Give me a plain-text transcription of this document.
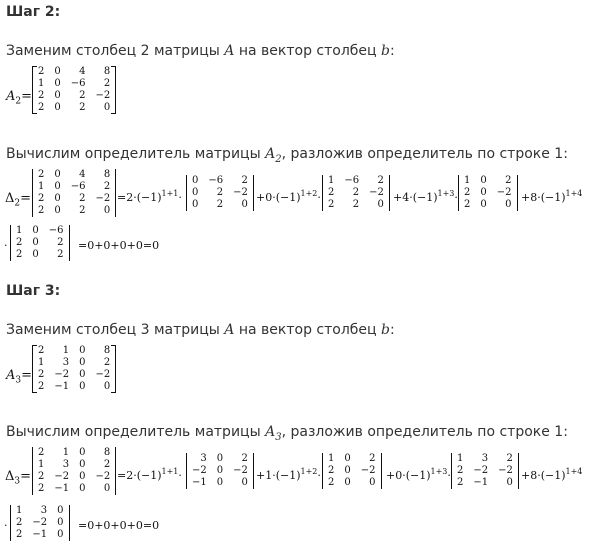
Шаг 2:
Заменим столбец 2 матрицы A на вектор столбец b:
$A_2=$
2	0	4	8
1	0	−6	2
2	0	2	−2
2	0	2	0
Вычислим определитель матрицы $A_2$, разложив определитель по строке 1:
$\Delta_2=$
2	0	4	8
1	0	−6	2
2	0	2	−2
2	0	2	0
$=2\cdot(-1)^{1+1}\cdot$
0	−6	2
0	2	−2
0	2	0
$+0\cdot(-1)^{1+2}\cdot$
1	−6	2
2	2	−2
2	2	0
$+4\cdot(-1)^{1+3}\cdot$
1	0	2
2	0	−2
2	0	0
$+8\cdot(-1)^{1+4}$
·
1	0	−6
2	0	2
2	0	2
=0+0+0+0=0
Шаг 3:
Заменим столбец 3 матрицы A на вектор столбец b:
$A_3=$
2	1	0	8
1	3	0	2
2	−2	0	−2
2	−1	0	0
Вычислим определитель матрицы $A_3$, разложив определитель по строке 1:
$\Delta_3=$
2	1	0	8
1	3	0	2
2	−2	0	−2
2	−1	0	0
$=2\cdot(-1)^{1+1}\cdot$
3	0	2
−2	0	−2
−1	0	0
$+1\cdot(-1)^{1+2}\cdot$
1	0	2
2	0	−2
2	0	0
$+0\cdot(-1)^{1+3}\cdot$
1	3	2
2	−2	−2
2	−1	0
$+8\cdot(-1)^{1+4}$
·
1	3	0
2	−2	0
2	−1	0
=0+0+0+0=0
